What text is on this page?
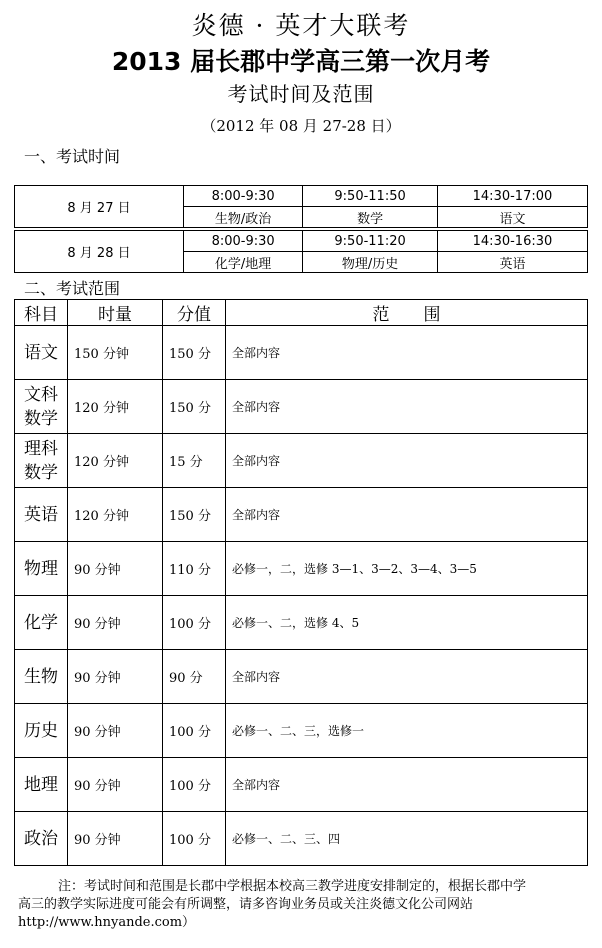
炎德 · 英才大联考
2013 届长郡中学高三第一次月考
考试时间及范围
（2012 年 08 月 27-28 日）
一、考试时间
8 月 27 日	8:00-9:30	9:50-11:50	14:30-17:00
	生物/政治	数学	语文

8 月 28 日	8:00-9:30	9:50-11:20	14:30-16:30
	化学/地理	物理/历史	英语
二、考试范围
科目	时量	分值	范 围

语文	150 分钟	150 分	全部内容

文科
数学	120 分钟	150 分	全部内容

理科
数学	120 分钟	15 分	全部内容

英语	120 分钟	150 分	全部内容

物理	90 分钟	110 分	必修一，二，选修 3—1、3—2、3—4、3—5

化学	90 分钟	100 分	必修一、二，选修 4、5

生物	90 分钟	90 分	全部内容

历史	90 分钟	100 分	必修一、二、三，选修一

地理	90 分钟	100 分	全部内容

政治	90 分钟	100 分	必修一、二、三、四
注：考试时间和范围是长郡中学根据本校高三教学进度安排制定的，根据长郡中学
高三的教学实际进度可能会有所调整，请多咨询业务员或关注炎德文化公司网站
http://www.hnyande.com）
